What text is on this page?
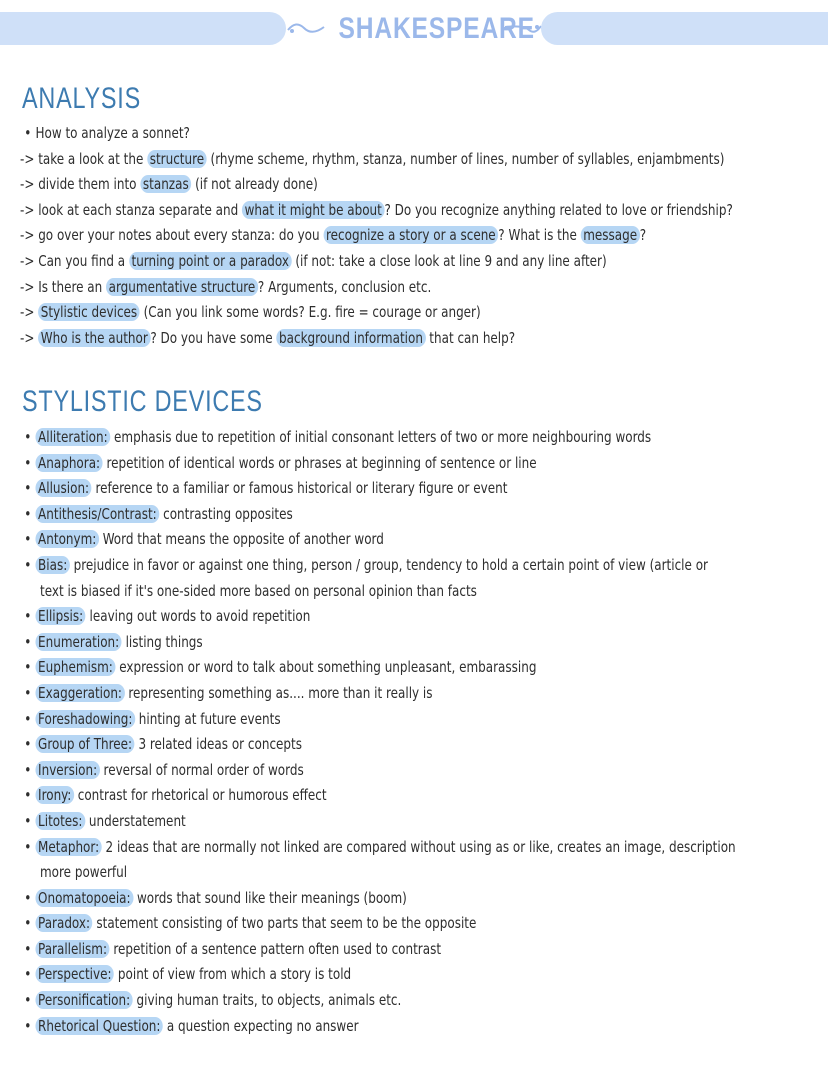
SHAKESPEARE
ANALYSIS
• How to analyze a sonnet?
-> take a look at the structure (rhyme scheme, rhythm, stanza, number of lines, number of syllables, enjambments)
-> divide them into stanzas (if not already done)
-> look at each stanza separate and what it might be about ? Do you recognize anything related to love or friendship?
-> go over your notes about every stanza: do you recognize a story or a scene ? What is the message ?
-> Can you find a turning point or a paradox (if not: take a close look at line 9 and any line after)
-> Is there an argumentative structure ? Arguments, conclusion etc.
-> Stylistic devices (Can you link some words? E.g. fire = courage or anger)
-> Who is the author ? Do you have some background information that can help?
STYLISTIC DEVICES
• Alliteration: emphasis due to repetition of initial consonant letters of two or more neighbouring words
• Anaphora: repetition of identical words or phrases at beginning of sentence or line
• Allusion: reference to a familiar or famous historical or literary figure or event
• Antithesis/Contrast: contrasting opposites
• Antonym: Word that means the opposite of another word
• Bias: prejudice in favor or against one thing, person / group, tendency to hold a certain point of view (article or
text is biased if it's one-sided more based on personal opinion than facts
• Ellipsis: leaving out words to avoid repetition
• Enumeration: listing things
• Euphemism: expression or word to talk about something unpleasant, embarassing
• Exaggeration: representing something as.... more than it really is
• Foreshadowing: hinting at future events
• Group of Three: 3 related ideas or concepts
• Inversion: reversal of normal order of words
• Irony: contrast for rhetorical or humorous effect
• Litotes: understatement
• Metaphor: 2 ideas that are normally not linked are compared without using as or like, creates an image, description
more powerful
• Onomatopoeia: words that sound like their meanings (boom)
• Paradox: statement consisting of two parts that seem to be the opposite
• Parallelism: repetition of a sentence pattern often used to contrast
• Perspective: point of view from which a story is told
• Personification: giving human traits, to objects, animals etc.
• Rhetorical Question: a question expecting no answer
